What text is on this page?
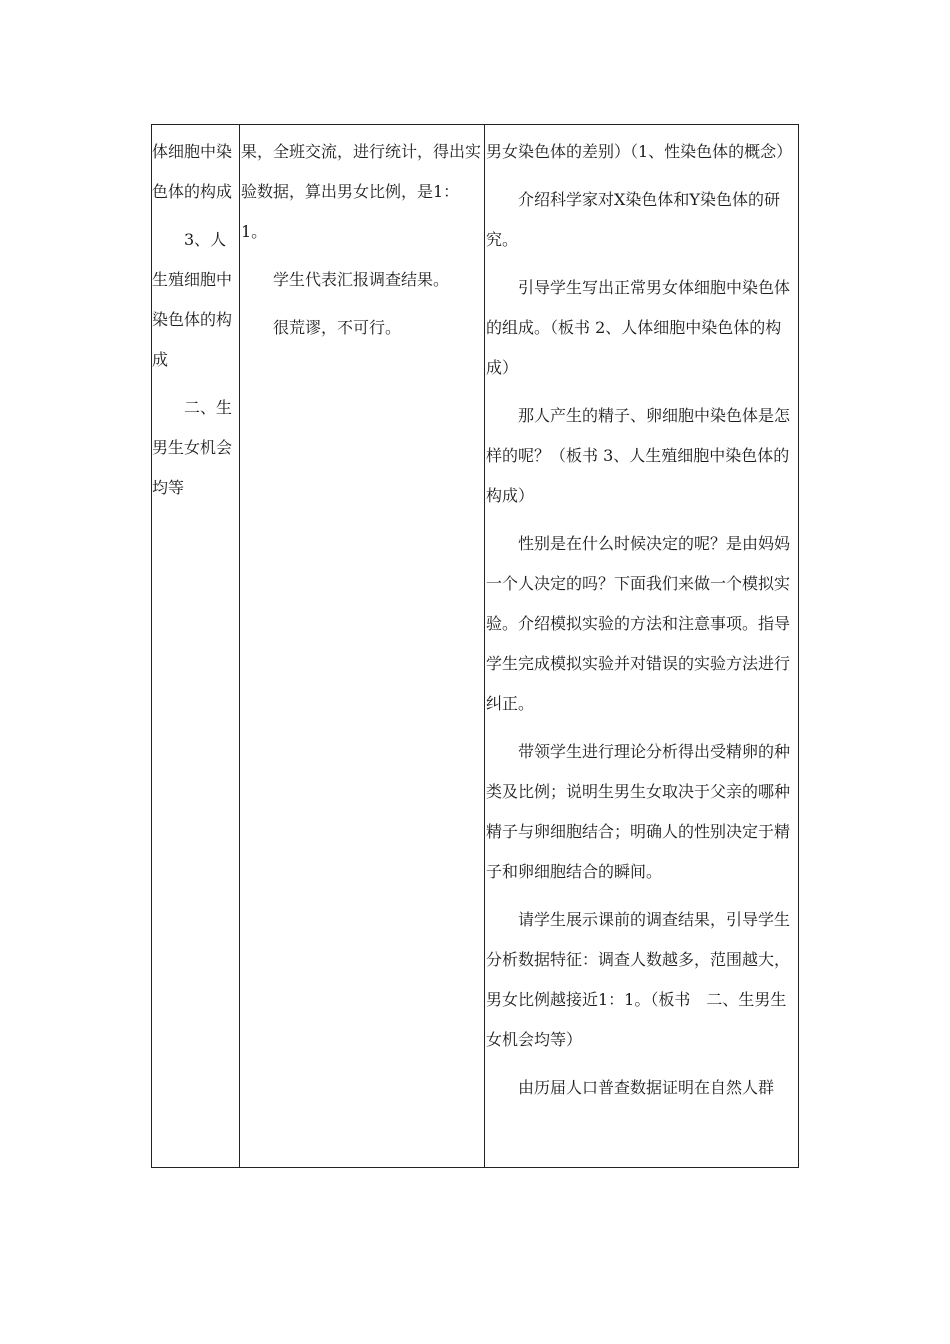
体细胞中染色体的构成

3、人生殖细胞中染色体的构成

二、生男生女机会均等

果，全班交流，进行统计，得出实验数据，算出男女比例，是1：1。

学生代表汇报调查结果。

很荒谬，不可行。

男女染色体的差别）（1、性染色体的概念）

介绍科学家对X染色体和Y染色体的研究。

引导学生写出正常男女体细胞中染色体的组成。（板书 2、人体细胞中染色体的构成）

那人产生的精子、卵细胞中染色体是怎样的呢？（板书 3、人生殖细胞中染色体的构成）

性别是在什么时候决定的呢？是由妈妈一个人决定的吗？下面我们来做一个模拟实验。介绍模拟实验的方法和注意事项。指导学生完成模拟实验并对错误的实验方法进行纠正。

带领学生进行理论分析得出受精卵的种类及比例；说明生男生女取决于父亲的哪种精子与卵细胞结合；明确人的性别决定于精子和卵细胞结合的瞬间。

请学生展示课前的调查结果，引导学生分析数据特征：调查人数越多，范围越大，男女比例越接近1：1。（板书　二、生男生女机会均等）

由历届人口普查数据证明在自然人群
